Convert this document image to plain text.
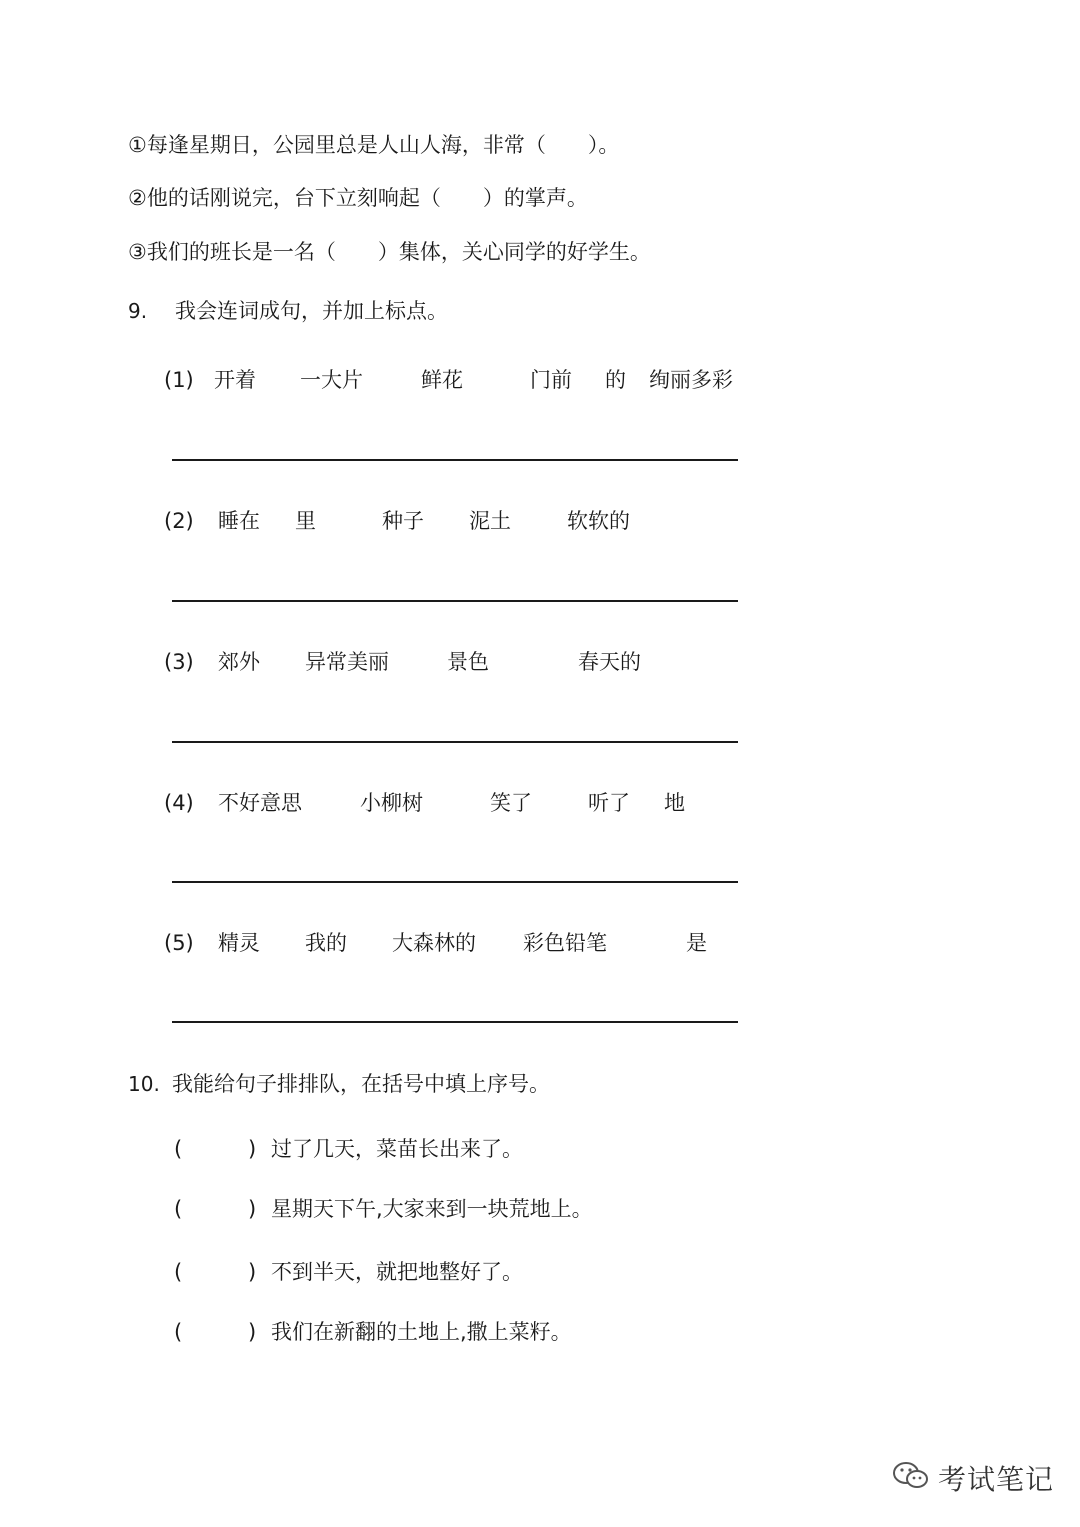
①每逢星期日，公园里总是人山人海，非常（　　）。
②他的话刚说完，台下立刻响起（　　）的掌声。
③我们的班长是一名（　　）集体，关心同学的好学生。
9. 我会连词成句，并加上标点。
(1) 开着 一大片	鲜花	门前 的 绚丽多彩
(2) 睡在 里	种子 泥土	软软的
(3) 郊外 异常美丽	景色	春天的
(4) 不好意思	小柳树	笑了	听了 地
(5) 精灵 我的 大森林的 彩色铅笔	是
10. 我能给句子排排队，在括号中填上序号。
(	) 过了几天，菜苗长出来了。
(	) 星期天下午,大家来到一块荒地上。
(	) 不到半天，就把地整好了。
(	) 我们在新翻的土地上,撒上菜籽。
考试笔记
